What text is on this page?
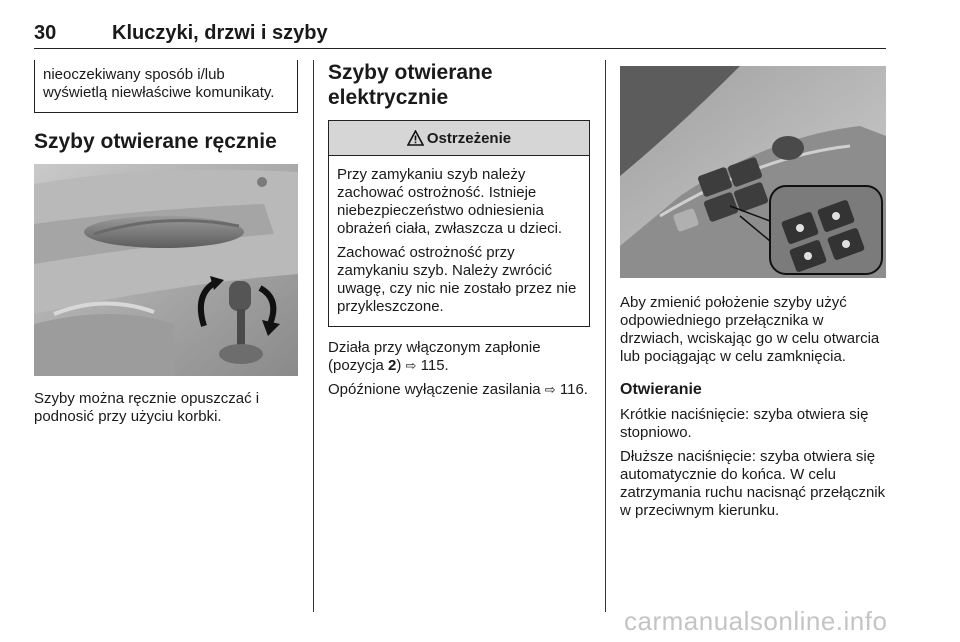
30	Kluczyki, drzwi i szyby

nieoczekiwany sposób i/lub wyświetlą niewłaściwe komunikaty.

Szyby otwierane ręcznie

Szyby można ręcznie opuszczać i podnosić przy użyciu korbki.

Szyby otwierane elektrycznie
Ostrzeżenie

Przy zamykaniu szyb należy zachować ostrożność. Istnieje niebezpieczeństwo odniesienia obrażeń ciała, zwłaszcza u dzieci.

Zachować ostrożność przy zamykaniu szyb. Należy zwrócić uwagę, czy nic nie zostało przez nie przykleszczone.

Działa przy włączonym zapłonie (pozycja 2) ⇨ 115.

Opóźnione wyłączenie zasilania ⇨ 116.

Aby zmienić położenie szyby użyć odpowiedniego przełącznika w drzwiach, wciskając go w celu otwarcia lub pociągając w celu zamknięcia.

Otwieranie

Krótkie naciśnięcie: szyba otwiera się stopniowo.

Dłuższe naciśnięcie: szyba otwiera się automatycznie do końca. W celu zatrzymania ruchu nacisnąć przełącznik w przeciwnym kierunku.

carmanualsonline.info
